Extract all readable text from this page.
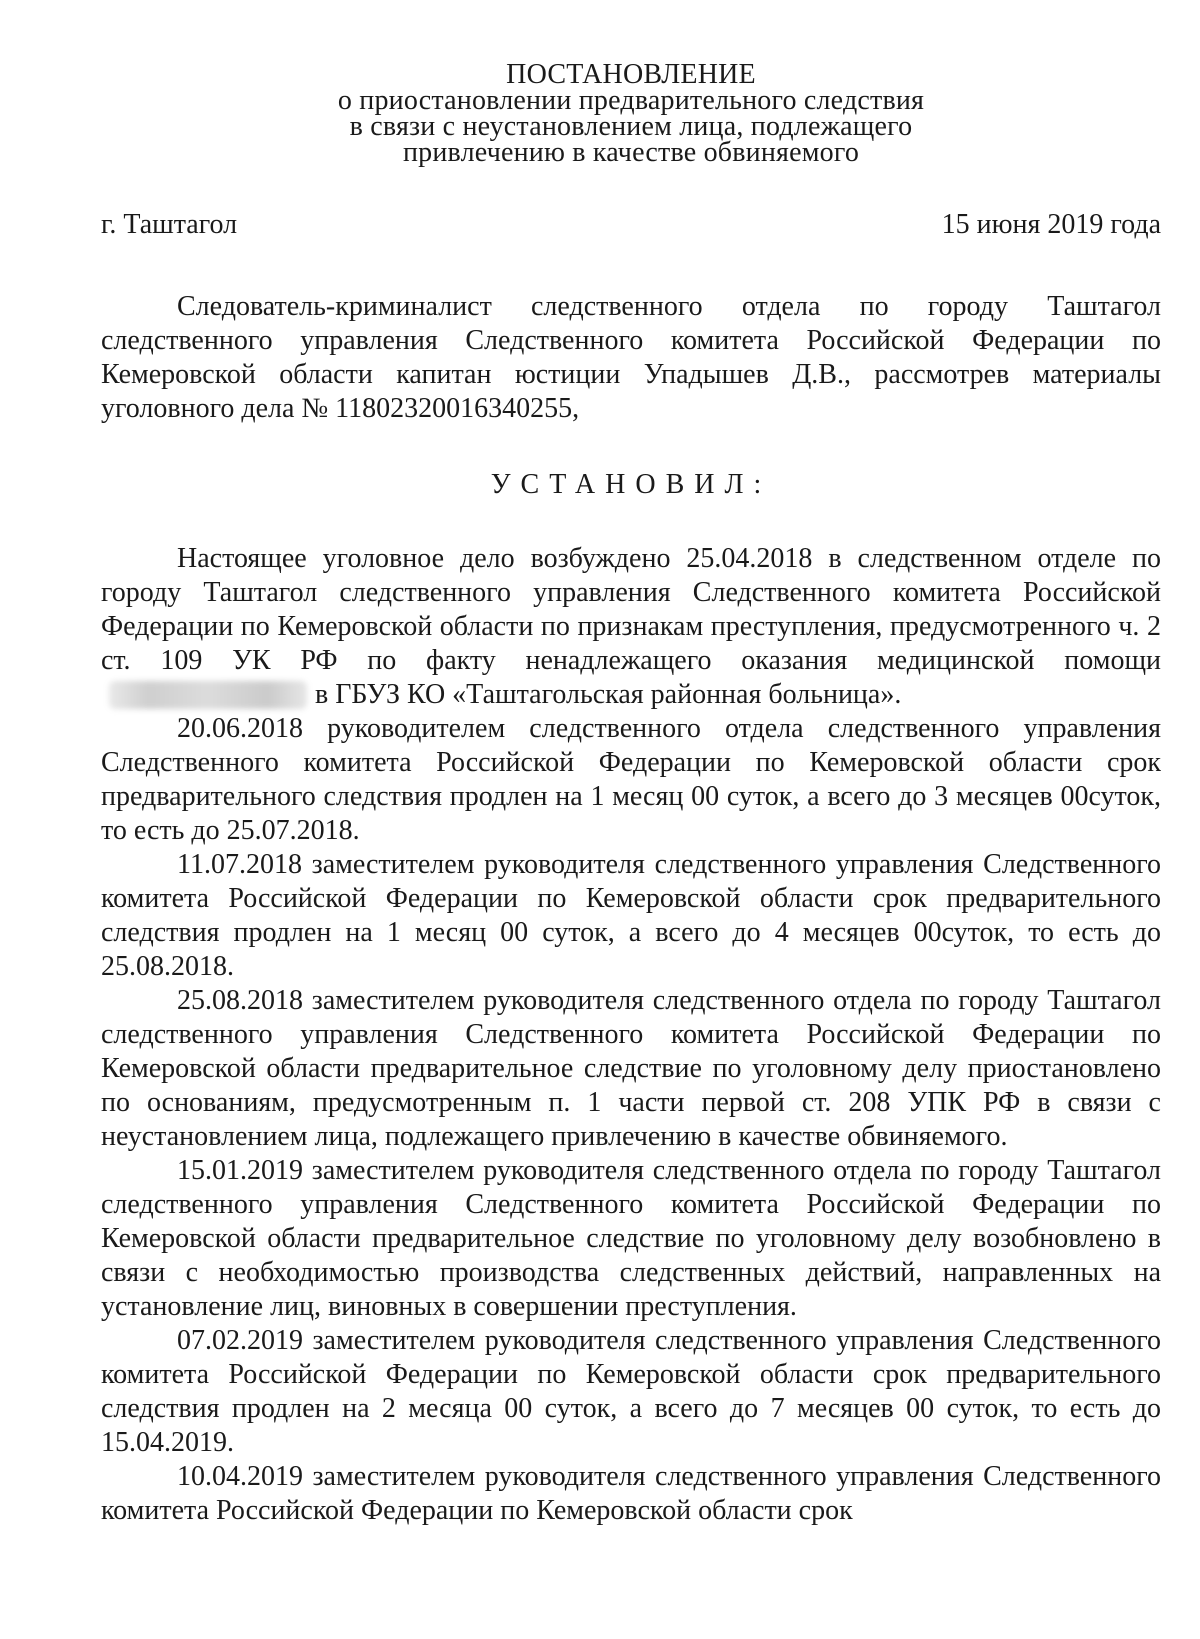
ПОСТАНОВЛЕНИЕ

о приостановлении предварительного следствия

в связи с неустановлением лица, подлежащего

привлечению в качестве обвиняемого

г. Таштагол	15 июня 2019 года

Следователь-криминалист следственного отдела по городу Таштагол следственного управления Следственного комитета Российской Федерации по Кемеровской области капитан юстиции Упадышев Д.В., рассмотрев материалы уголовного дела № 11802320016340255,

УСТАНОВИЛ:

Настоящее уголовное дело возбуждено 25.04.2018 в следственном отделе по городу Таштагол следственного управления Следственного комитета Российской Федерации по Кемеровской области по признакам преступления, предусмотренного ч. 2 ст. 109 УК РФ по факту ненадлежащего оказания медицинской помощив ГБУЗ КО «Таштагольская районная больница».

20.06.2018 руководителем следственного отдела следственного управления Следственного комитета Российской Федерации по Кемеровской области срок предварительного следствия продлен на 1 месяц 00 суток, а всего до 3 месяцев 00суток, то есть до 25.07.2018.

11.07.2018 заместителем руководителя следственного управления Следственного комитета Российской Федерации по Кемеровской области срок предварительного следствия продлен на 1 месяц 00 суток, а всего до 4 месяцев 00суток, то есть до 25.08.2018.

25.08.2018 заместителем руководителя следственного отдела по городу Таштагол следственного управления Следственного комитета Российской Федерации по Кемеровской области предварительное следствие по уголовному делу приостановлено по основаниям, предусмотренным п. 1 части первой ст. 208 УПК РФ в связи с неустановлением лица, подлежащего привлечению в качестве обвиняемого.

15.01.2019 заместителем руководителя следственного отдела по городу Таштагол следственного управления Следственного комитета Российской Федерации по Кемеровской области предварительное следствие по уголовному делу возобновлено в связи с необходимостью производства следственных действий, направленных на установление лиц, виновных в совершении преступления.

07.02.2019 заместителем руководителя следственного управления Следственного комитета Российской Федерации по Кемеровской области срок предварительного следствия продлен на 2 месяца 00 суток, а всего до 7 месяцев 00 суток, то есть до 15.04.2019.

10.04.2019 заместителем руководителя следственного управления Следственного комитета Российской Федерации по Кемеровской области срок
